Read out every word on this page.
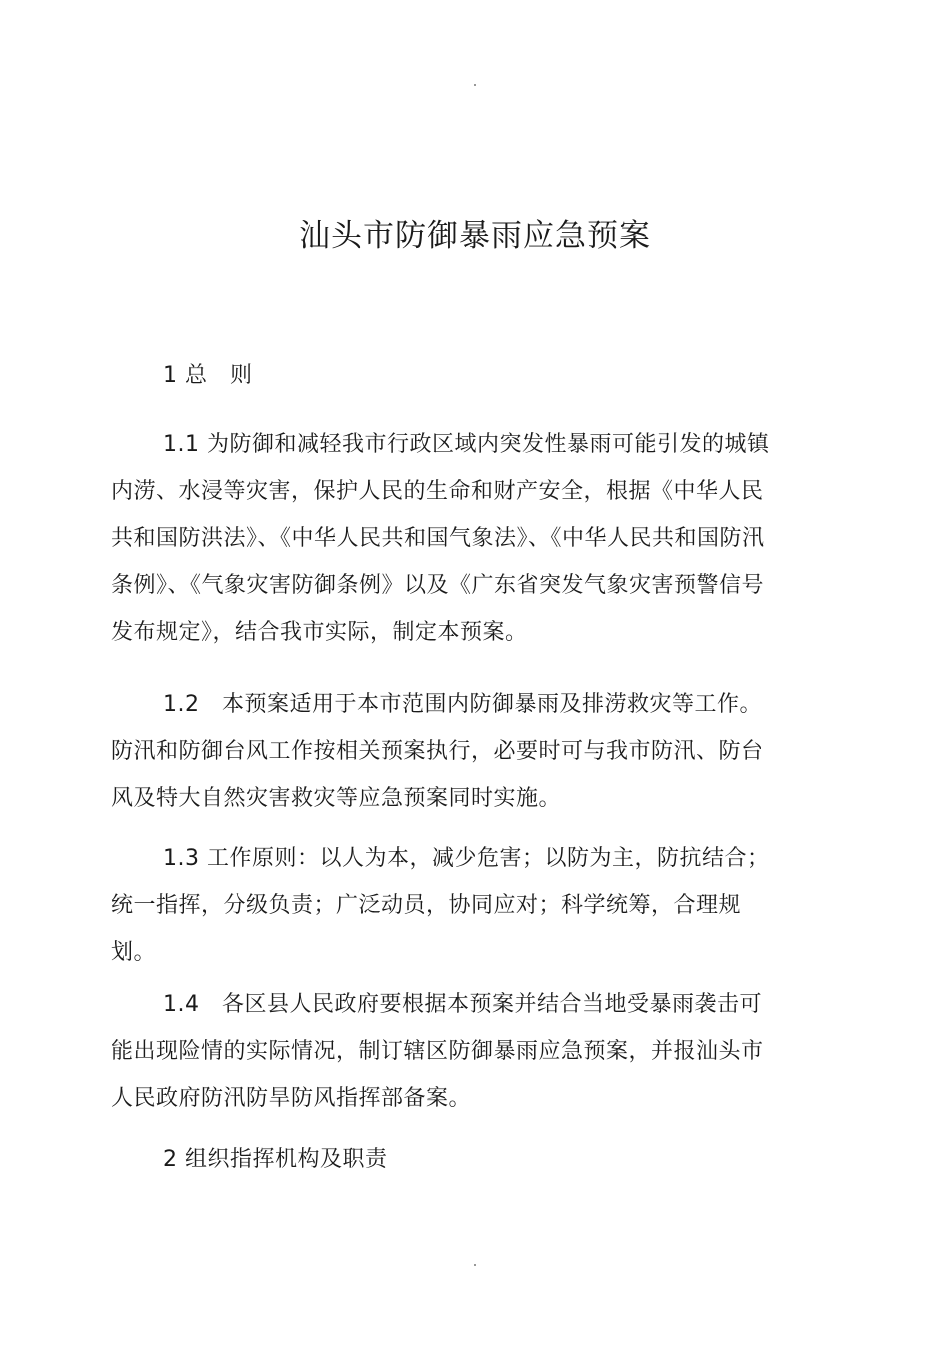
汕头市防御暴雨应急预案

1 总　则

1.1 为防御和减轻我市行政区域内突发性暴雨可能引发的城镇内涝、水浸等灾害，保护人民的生命和财产安全，根据《中华人民共和国防洪法》、《中华人民共和国气象法》、《中华人民共和国防汛条例》、《气象灾害防御条例》以及《广东省突发气象灾害预警信号发布规定》，结合我市实际，制定本预案。

1.2　本预案适用于本市范围内防御暴雨及排涝救灾等工作。防汛和防御台风工作按相关预案执行，必要时可与我市防汛、防台风及特大自然灾害救灾等应急预案同时实施。

1.3 工作原则：以人为本，减少危害；以防为主，防抗结合；统一指挥，分级负责；广泛动员，协同应对；科学统筹，合理规划。

1.4　各区县人民政府要根据本预案并结合当地受暴雨袭击可能出现险情的实际情况，制订辖区防御暴雨应急预案，并报汕头市人民政府防汛防旱防风指挥部备案。

2 组织指挥机构及职责
